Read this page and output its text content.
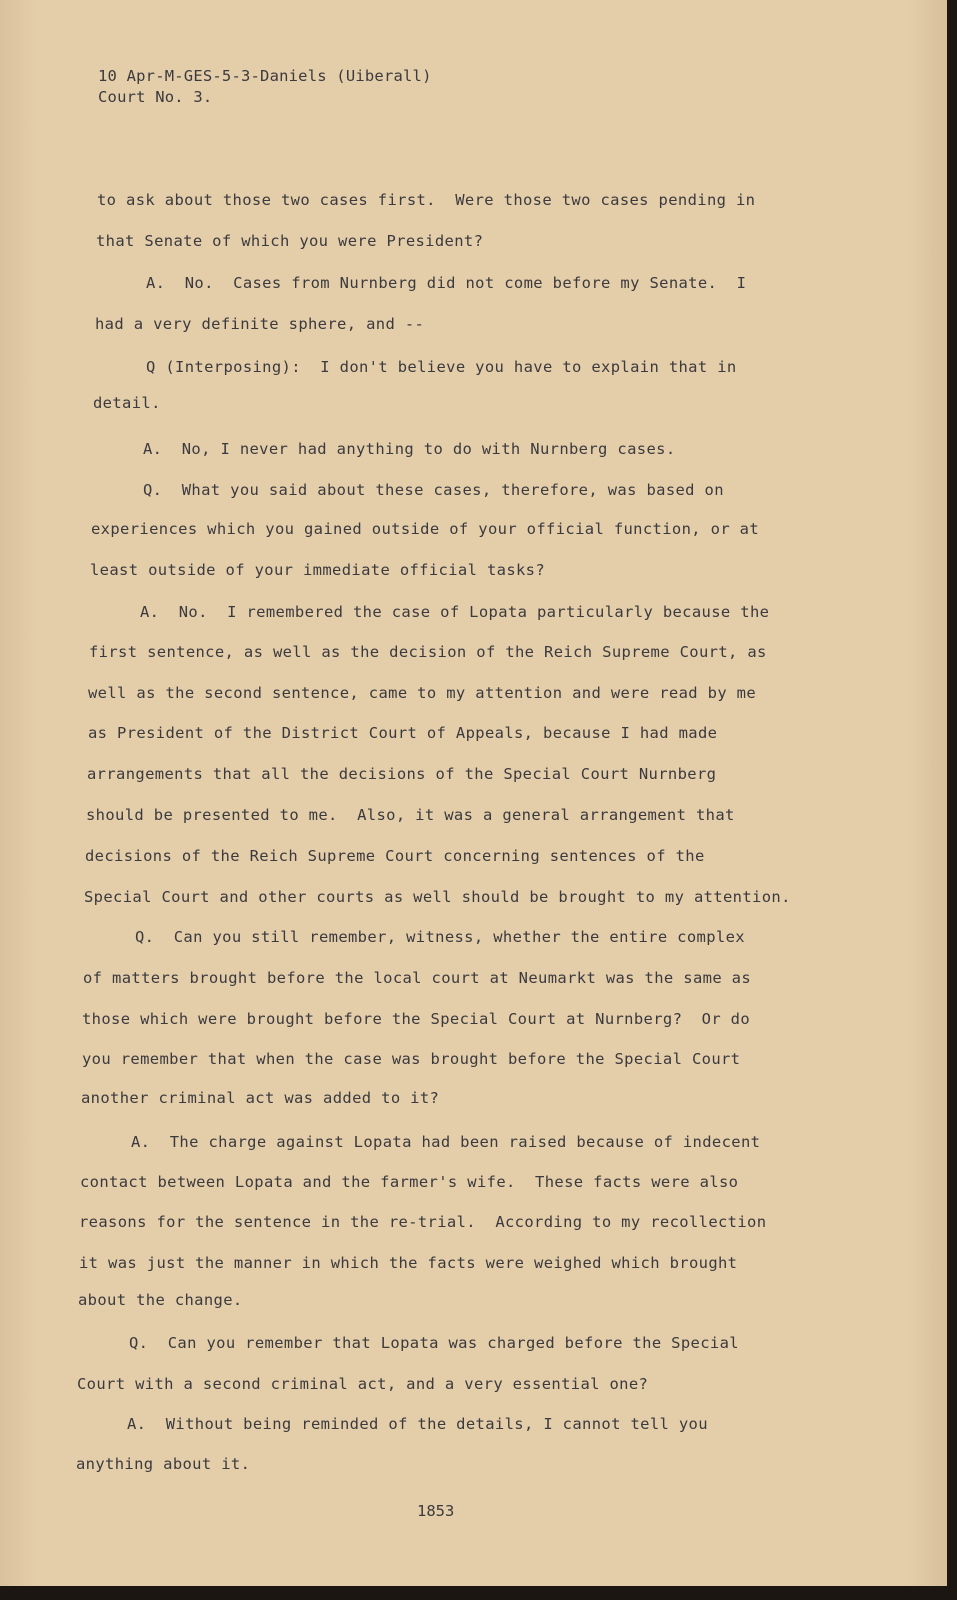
10 Apr-M-GES-5-3-Daniels (Uiberall)
Court No. 3.
to ask about those two cases first.  Were those two cases pending in
that Senate of which you were President?
A.  No.  Cases from Nurnberg did not come before my Senate.  I
had a very definite sphere, and --
Q (Interposing):  I don't believe you have to explain that in
detail.
A.  No, I never had anything to do with Nurnberg cases.
Q.  What you said about these cases, therefore, was based on
experiences which you gained outside of your official function, or at
least outside of your immediate official tasks?
A.  No.  I remembered the case of Lopata particularly because the
first sentence, as well as the decision of the Reich Supreme Court, as
well as the second sentence, came to my attention and were read by me
as President of the District Court of Appeals, because I had made
arrangements that all the decisions of the Special Court Nurnberg
should be presented to me.  Also, it was a general arrangement that
decisions of the Reich Supreme Court concerning sentences of the
Special Court and other courts as well should be brought to my attention.
Q.  Can you still remember, witness, whether the entire complex
of matters brought before the local court at Neumarkt was the same as
those which were brought before the Special Court at Nurnberg?  Or do
you remember that when the case was brought before the Special Court
another criminal act was added to it?
A.  The charge against Lopata had been raised because of indecent
contact between Lopata and the farmer's wife.  These facts were also
reasons for the sentence in the re-trial.  According to my recollection
it was just the manner in which the facts were weighed which brought
about the change.
Q.  Can you remember that Lopata was charged before the Special
Court with a second criminal act, and a very essential one?
A.  Without being reminded of the details, I cannot tell you
anything about it.
1853
